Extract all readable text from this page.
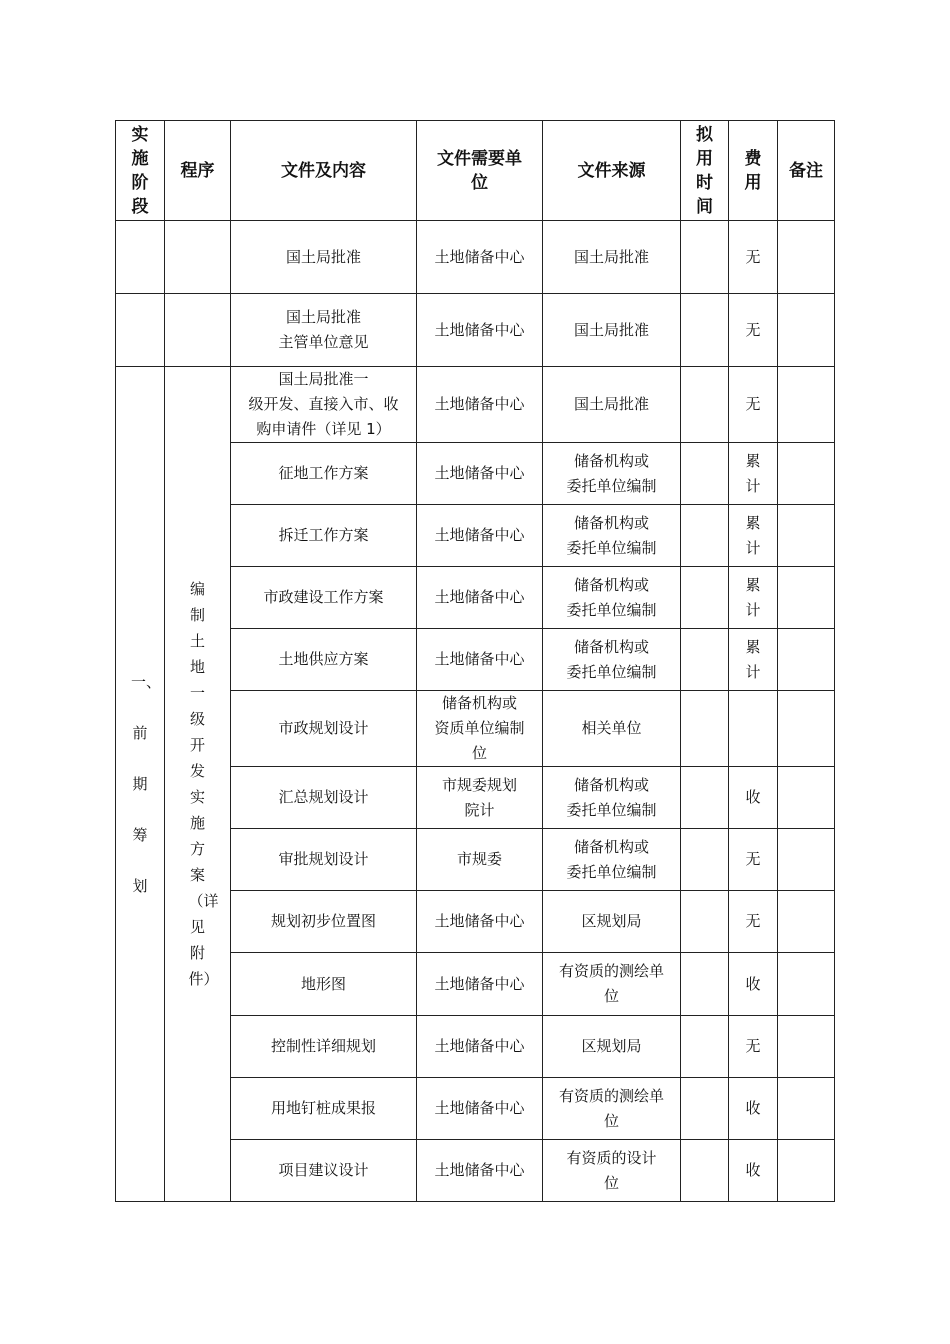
实施阶段	程序	文件及内容	文件需要单位	文件来源	拟用时间	费用	备注

		国土局批准	土地储备中心	国土局批准		无	

		国土局批准
主管单位意见	土地储备中心	国土局批准		无	
一、前期筹划	编制土地一级开发实施方案（详见附件）	国土局批准一
级开发、直接入市、收
购申请件（详见 1）	土地储备中心	国土局批准		无	

		征地工作方案	土地储备中心	储备机构或
委托单位编制		累计	

		拆迁工作方案	土地储备中心	储备机构或
委托单位编制		累计	

		市政建设工作方案	土地储备中心	储备机构或
委托单位编制		累计	

		土地供应方案	土地储备中心	储备机构或
委托单位编制		累计	

		市政规划设计	储备机构或
资质单位编制
位	相关单位			

		汇总规划设计	市规委规划
院计	储备机构或
委托单位编制		收	

		审批规划设计	市规委	储备机构或
委托单位编制		无	

		规划初步位置图	土地储备中心	区规划局		无	

		地形图	土地储备中心	有资质的测绘单
位		收	

		控制性详细规划	土地储备中心	区规划局		无	

		用地钉桩成果报	土地储备中心	有资质的测绘单
位		收	

		项目建议设计	土地储备中心	有资质的设计
位		收	
